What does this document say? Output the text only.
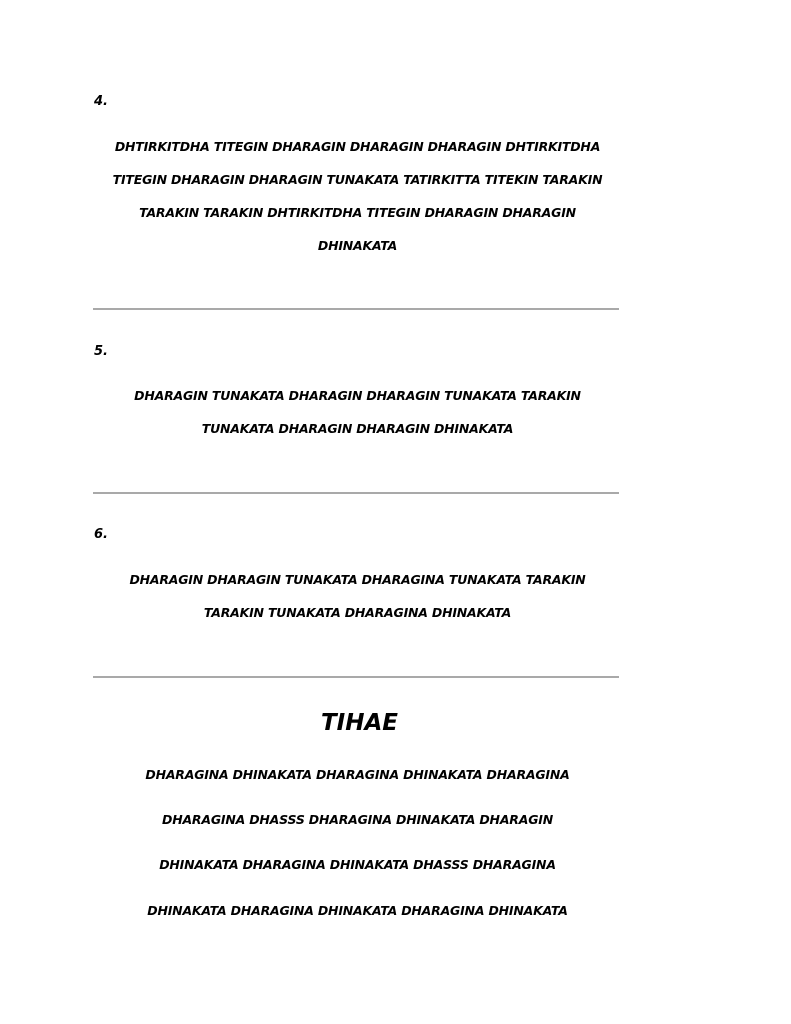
4.

DHTIRKITDHA TITEGIN DHARAGIN DHARAGIN DHARAGIN DHTIRKITDHA

TITEGIN DHARAGIN DHARAGIN TUNAKATA TATIRKITTA TITEKIN TARAKIN

TARAKIN TARAKIN DHTIRKITDHA TITEGIN DHARAGIN DHARAGIN

DHINAKATA

5.

DHARAGIN TUNAKATA DHARAGIN DHARAGIN TUNAKATA TARAKIN

TUNAKATA DHARAGIN DHARAGIN DHINAKATA

6.

DHARAGIN DHARAGIN TUNAKATA DHARAGINA TUNAKATA TARAKIN

TARAKIN TUNAKATA DHARAGINA DHINAKATA

TIHAE

DHARAGINA DHINAKATA DHARAGINA DHINAKATA DHARAGINA

DHARAGINA DHASSS DHARAGINA DHINAKATA DHARAGIN

DHINAKATA DHARAGINA DHINAKATA DHASSS DHARAGINA

DHINAKATA DHARAGINA DHINAKATA DHARAGINA DHINAKATA
